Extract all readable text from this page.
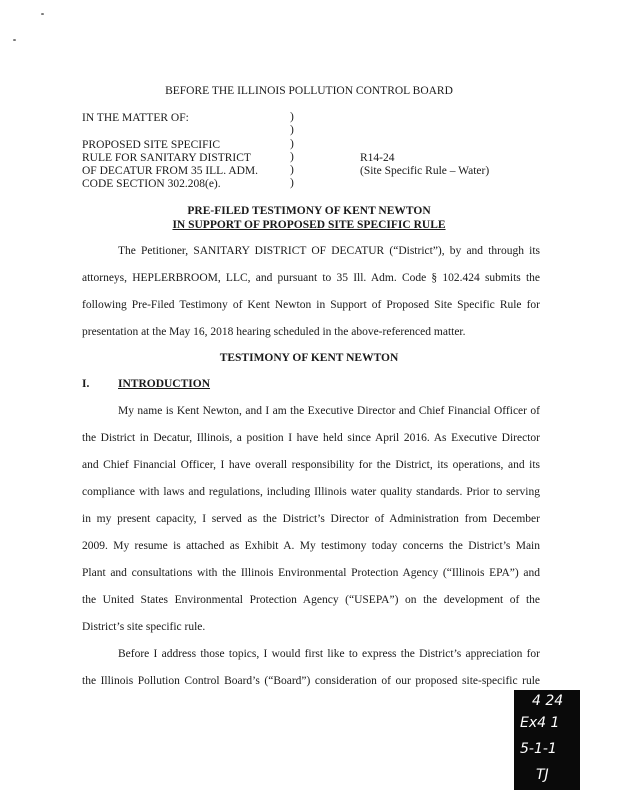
BEFORE THE ILLINOIS POLLUTION CONTROL BOARD
IN THE MATTER OF:
PROPOSED SITE SPECIFIC
RULE FOR SANITARY DISTRICT
OF DECATUR FROM 35 ILL. ADM.
CODE SECTION 302.208(e).
)
)
)
)
)
)
R14-24
(Site Specific Rule – Water)
PRE-FILED TESTIMONY OF KENT NEWTON
IN SUPPORT OF PROPOSED SITE SPECIFIC RULE
The Petitioner, SANITARY DISTRICT OF DECATUR (“District”), by and through its
attorneys, HEPLERBROOM, LLC, and pursuant to 35 Ill. Adm. Code § 102.424 submits the
following Pre-Filed Testimony of Kent Newton in Support of Proposed Site Specific Rule for
presentation at the May 16, 2018 hearing scheduled in the above-referenced matter.
TESTIMONY OF KENT NEWTON
I. INTRODUCTION
My name is Kent Newton, and I am the Executive Director and Chief Financial Officer of
the District in Decatur, Illinois, a position I have held since April 2016. As Executive Director
and Chief Financial Officer, I have overall responsibility for the District, its operations, and its
compliance with laws and regulations, including Illinois water quality standards. Prior to serving
in my present capacity, I served as the District’s Director of Administration from December
2009. My resume is attached as Exhibit A. My testimony today concerns the District’s Main
Plant and consultations with the Illinois Environmental Protection Agency (“Illinois EPA”) and
the United States Environmental Protection Agency (“USEPA”) on the development of the
District’s site specific rule.
Before I address those topics, I would first like to express the District’s appreciation for
the Illinois Pollution Control Board’s (“Board”) consideration of our proposed site-specific rule
4 24
Ex4 1
5-1-1
TJ
